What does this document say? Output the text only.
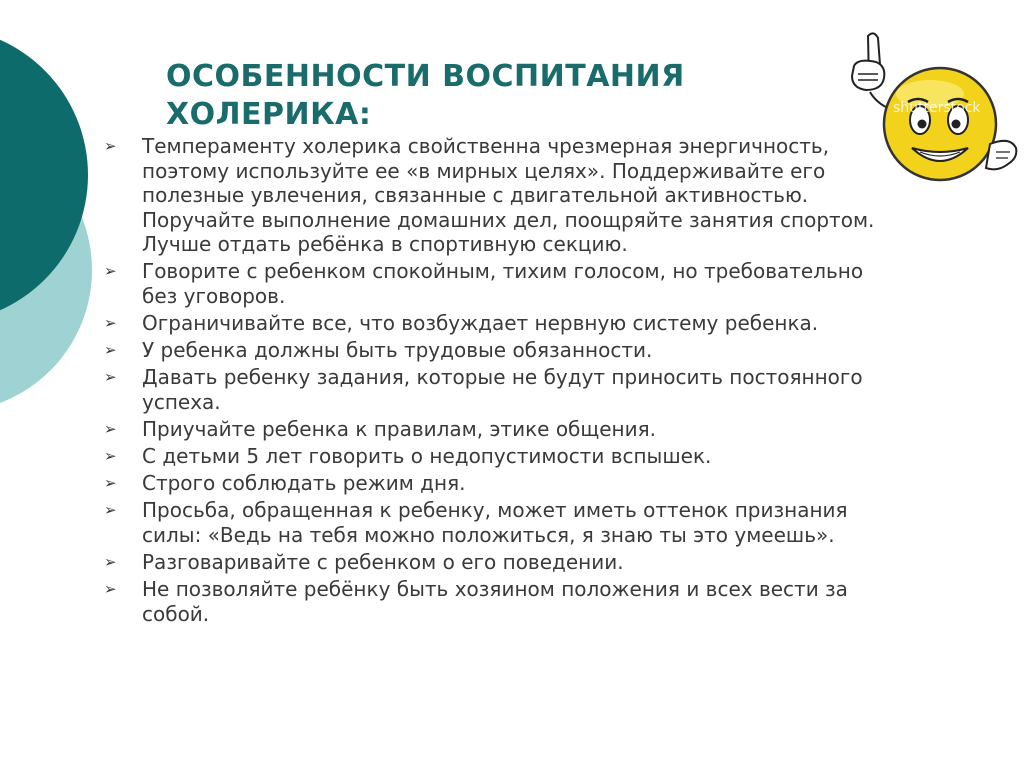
ОСОБЕННОСТИ ВОСПИТАНИЯ ХОЛЕРИКА:
➢ Темпераменту холерика свойственна чрезмерная энергичность, поэтому используйте ее «в мирных целях». Поддерживайте его полезные увлечения, связанные с двигательной активностью. Поручайте выполнение домашних дел, поощряйте занятия спортом. Лучше отдать ребёнка в спортивную секцию.
➢ Говорите с ребенком спокойным, тихим голосом, но требовательно без уговоров.
➢ Ограничивайте все, что возбуждает нервную систему ребенка.
➢ У ребенка должны быть трудовые обязанности.
➢ Давать ребенку задания, которые не будут приносить постоянного успеха.
➢ Приучайте ребенка к правилам, этике общения.
➢ С детьми 5 лет говорить о недопустимости вспышек.
➢ Строго соблюдать режим дня.
➢ Просьба, обращенная к ребенку, может иметь оттенок признания силы: «Ведь на тебя можно положиться, я знаю ты это умеешь».
➢ Разговаривайте с ребенком о его поведении.
➢ Не позволяйте ребёнку быть хозяином положения и всех вести за собой.
shutterstock
